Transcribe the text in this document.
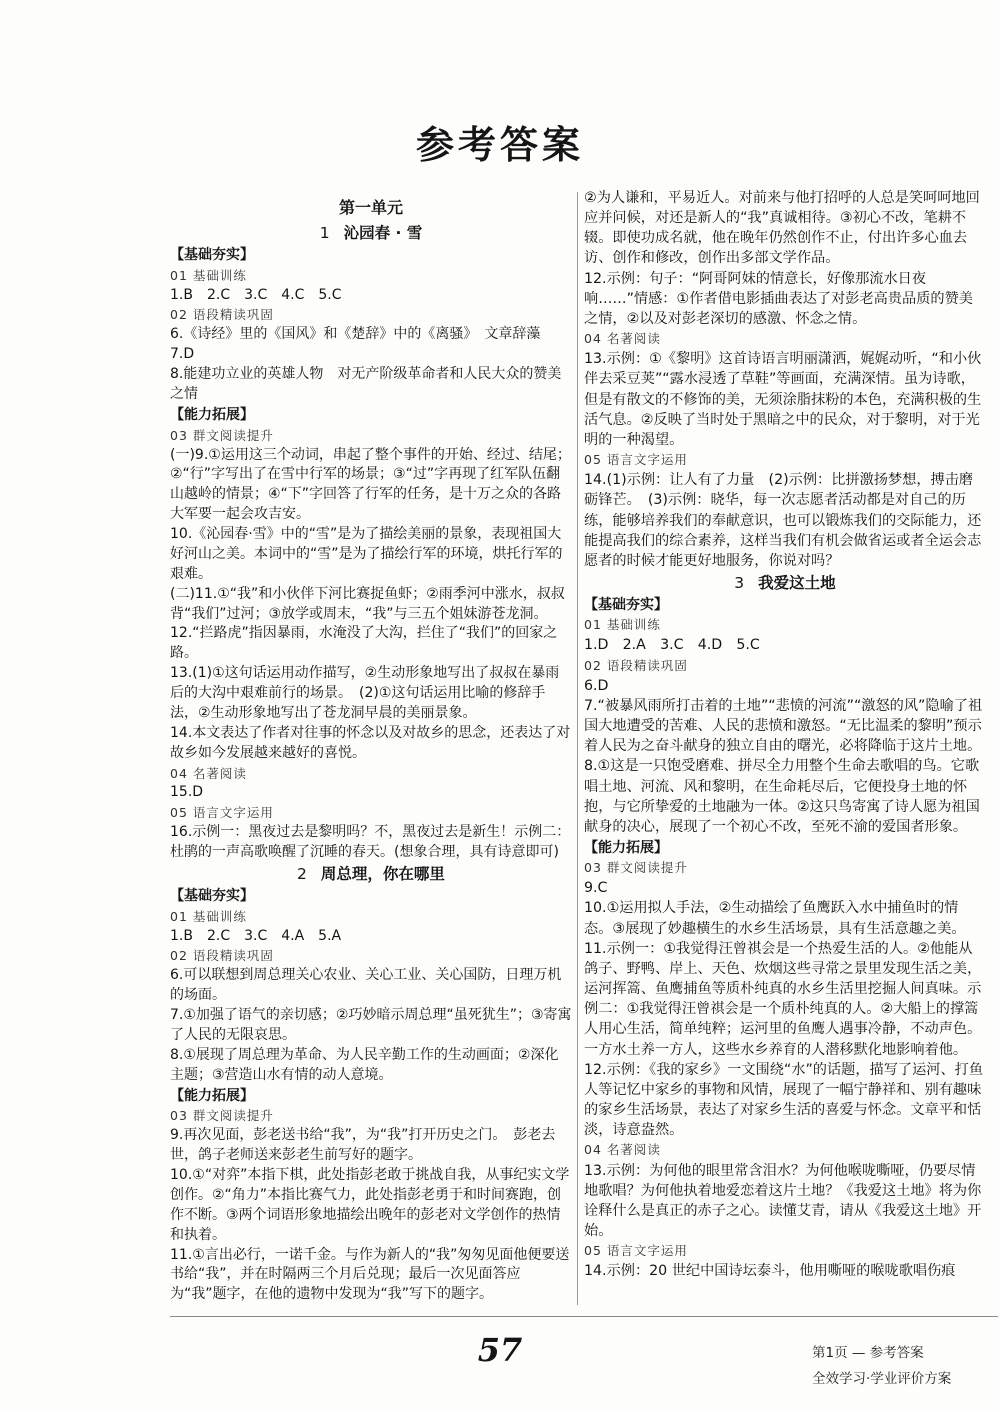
参考答案
第一单元
1 沁园春 · 雪
【基础夯实】
01 基础训练
1.B　2.C　3.C　4.C　5.C
02 语段精读巩固
6.《诗经》里的《国风》和《楚辞》中的《离骚》　文章辞藻
7.D
8.能建功立业的英雄人物　对无产阶级革命者和人民大众的赞美之情
【能力拓展】
03 群文阅读提升
(一)9.①运用这三个动词，串起了整个事件的开始、经过、结尾；②“行”字写出了在雪中行军的场景；③“过”字再现了红军队伍翻山越岭的情景；④“下”字回答了行军的任务，是十万之众的各路大军要一起会攻吉安。
10.《沁园春·雪》中的“雪”是为了描绘美丽的景象，表现祖国大好河山之美。本词中的“雪”是为了描绘行军的环境，烘托行军的艰难。
(二)11.①“我”和小伙伴下河比赛捉鱼虾；②雨季河中涨水，叔叔背“我们”过河；③放学或周末，“我”与三五个姐妹游苍龙洞。
12.“拦路虎”指因暴雨，水淹没了大沟，拦住了“我们”的回家之路。
13.(1)①这句话运用动作描写，②生动形象地写出了叔叔在暴雨后的大沟中艰难前行的场景。　(2)①这句话运用比喻的修辞手法，②生动形象地写出了苍龙洞早晨的美丽景象。
14.本文表达了作者对往事的怀念以及对故乡的思念，还表达了对故乡如今发展越来越好的喜悦。
04 名著阅读
15.D
05 语言文字运用
16.示例一：黑夜过去是黎明吗？不，黑夜过去是新生！示例二：杜鹃的一声高歌唤醒了沉睡的春天。(想象合理，具有诗意即可)
2 周总理，你在哪里
【基础夯实】
01 基础训练
1.B　2.C　3.C　4.A　5.A
02 语段精读巩固
6.可以联想到周总理关心农业、关心工业、关心国防，日理万机的场面。
7.①加强了语气的亲切感；②巧妙暗示周总理“虽死犹生”；③寄寓了人民的无限哀思。
8.①展现了周总理为革命、为人民辛勤工作的生动画面；②深化主题；③营造山水有情的动人意境。
【能力拓展】
03 群文阅读提升
9.再次见面，彭老送书给“我”，为“我”打开历史之门。　彭老去世，鸽子老师送来彭老生前写好的题字。
10.①“对弈”本指下棋，此处指彭老敢于挑战自我，从事纪实文学创作。②“角力”本指比赛气力，此处指彭老勇于和时间赛跑，创作不断。③两个词语形象地描绘出晚年的彭老对文学创作的热情和执着。
11.①言出必行，一诺千金。与作为新人的“我”匆匆见面他便要送书给“我”，并在时隔两三个月后兑现；最后一次见面答应为“我”题字，在他的遗物中发现为“我”写下的题字。
②为人谦和，平易近人。对前来与他打招呼的人总是笑呵呵地回应并问候，对还是新人的“我”真诚相待。③初心不改，笔耕不辍。即使功成名就，他在晚年仍然创作不止，付出许多心血去访、创作和修改，创作出多部文学作品。
12.示例：句子：“阿哥阿妹的情意长，好像那流水日夜响……”情感：①作者借电影插曲表达了对彭老高贵品质的赞美之情，②以及对彭老深切的感激、怀念之情。
04 名著阅读
13.示例：①《黎明》这首诗语言明丽潇洒，娓娓动听，“和小伙伴去采豆荚”“露水浸透了草鞋”等画面，充满深情。虽为诗歌，但是有散文的不修饰的美，无须涂脂抹粉的本色，充满积极的生活气息。②反映了当时处于黑暗之中的民众，对于黎明，对于光明的一种渴望。
05 语言文字运用
14.(1)示例：让人有了力量　(2)示例：比拼激扬梦想，搏击磨砺锋芒。　(3)示例：晓华，每一次志愿者活动都是对自己的历练，能够培养我们的奉献意识，也可以锻炼我们的交际能力，还能提高我们的综合素养，这样当我们有机会做省运或者全运会志愿者的时候才能更好地服务，你说对吗？
3 我爱这土地
【基础夯实】
01 基础训练
1.D　2.A　3.C　4.D　5.C
02 语段精读巩固
6.D
7.“被暴风雨所打击着的土地”“悲愤的河流”“激怒的风”隐喻了祖国大地遭受的苦难、人民的悲愤和激怒。“无比温柔的黎明”预示着人民为之奋斗献身的独立自由的曙光，必将降临于这片土地。
8.①这是一只饱受磨难、拼尽全力用整个生命去歌唱的鸟。它歌唱土地、河流、风和黎明，在生命耗尽后，它便投身土地的怀抱，与它所挚爱的土地融为一体。②这只鸟寄寓了诗人愿为祖国献身的决心，展现了一个初心不改，至死不渝的爱国者形象。
【能力拓展】
03 群文阅读提升
9.C
10.①运用拟人手法，②生动描绘了鱼鹰跃入水中捕鱼时的情态。③展现了妙趣横生的水乡生活场景，具有生活意趣之美。
11.示例一：①我觉得汪曾祺会是一个热爱生活的人。②他能从鸽子、野鸭、岸上、天色、炊烟这些寻常之景里发现生活之美，运河挥篙、鱼鹰捕鱼等质朴纯真的水乡生活里挖掘人间真味。示例二：①我觉得汪曾祺会是一个质朴纯真的人。②大船上的撑篙人用心生活，简单纯粹；运河里的鱼鹰人遇事冷静，不动声色。一方水土养一方人，这些水乡养育的人潜移默化地影响着他。
12.示例：《我的家乡》一文围绕“水”的话题，描写了运河、打鱼人等记忆中家乡的事物和风情，展现了一幅宁静祥和、别有趣味的家乡生活场景，表达了对家乡生活的喜爱与怀念。文章平和恬淡，诗意盎然。
04 名著阅读
13.示例：为何他的眼里常含泪水？为何他喉咙嘶哑，仍要尽情地歌唱？为何他执着地爱恋着这片土地？《我爱这土地》将为你诠释什么是真正的赤子之心。读懂艾青，请从《我爱这土地》开始。
05 语言文字运用
14.示例：20 世纪中国诗坛泰斗，他用嘶哑的喉咙歌唱伤痕
57	第1页 — 参考答案
全效学习·学业评价方案
